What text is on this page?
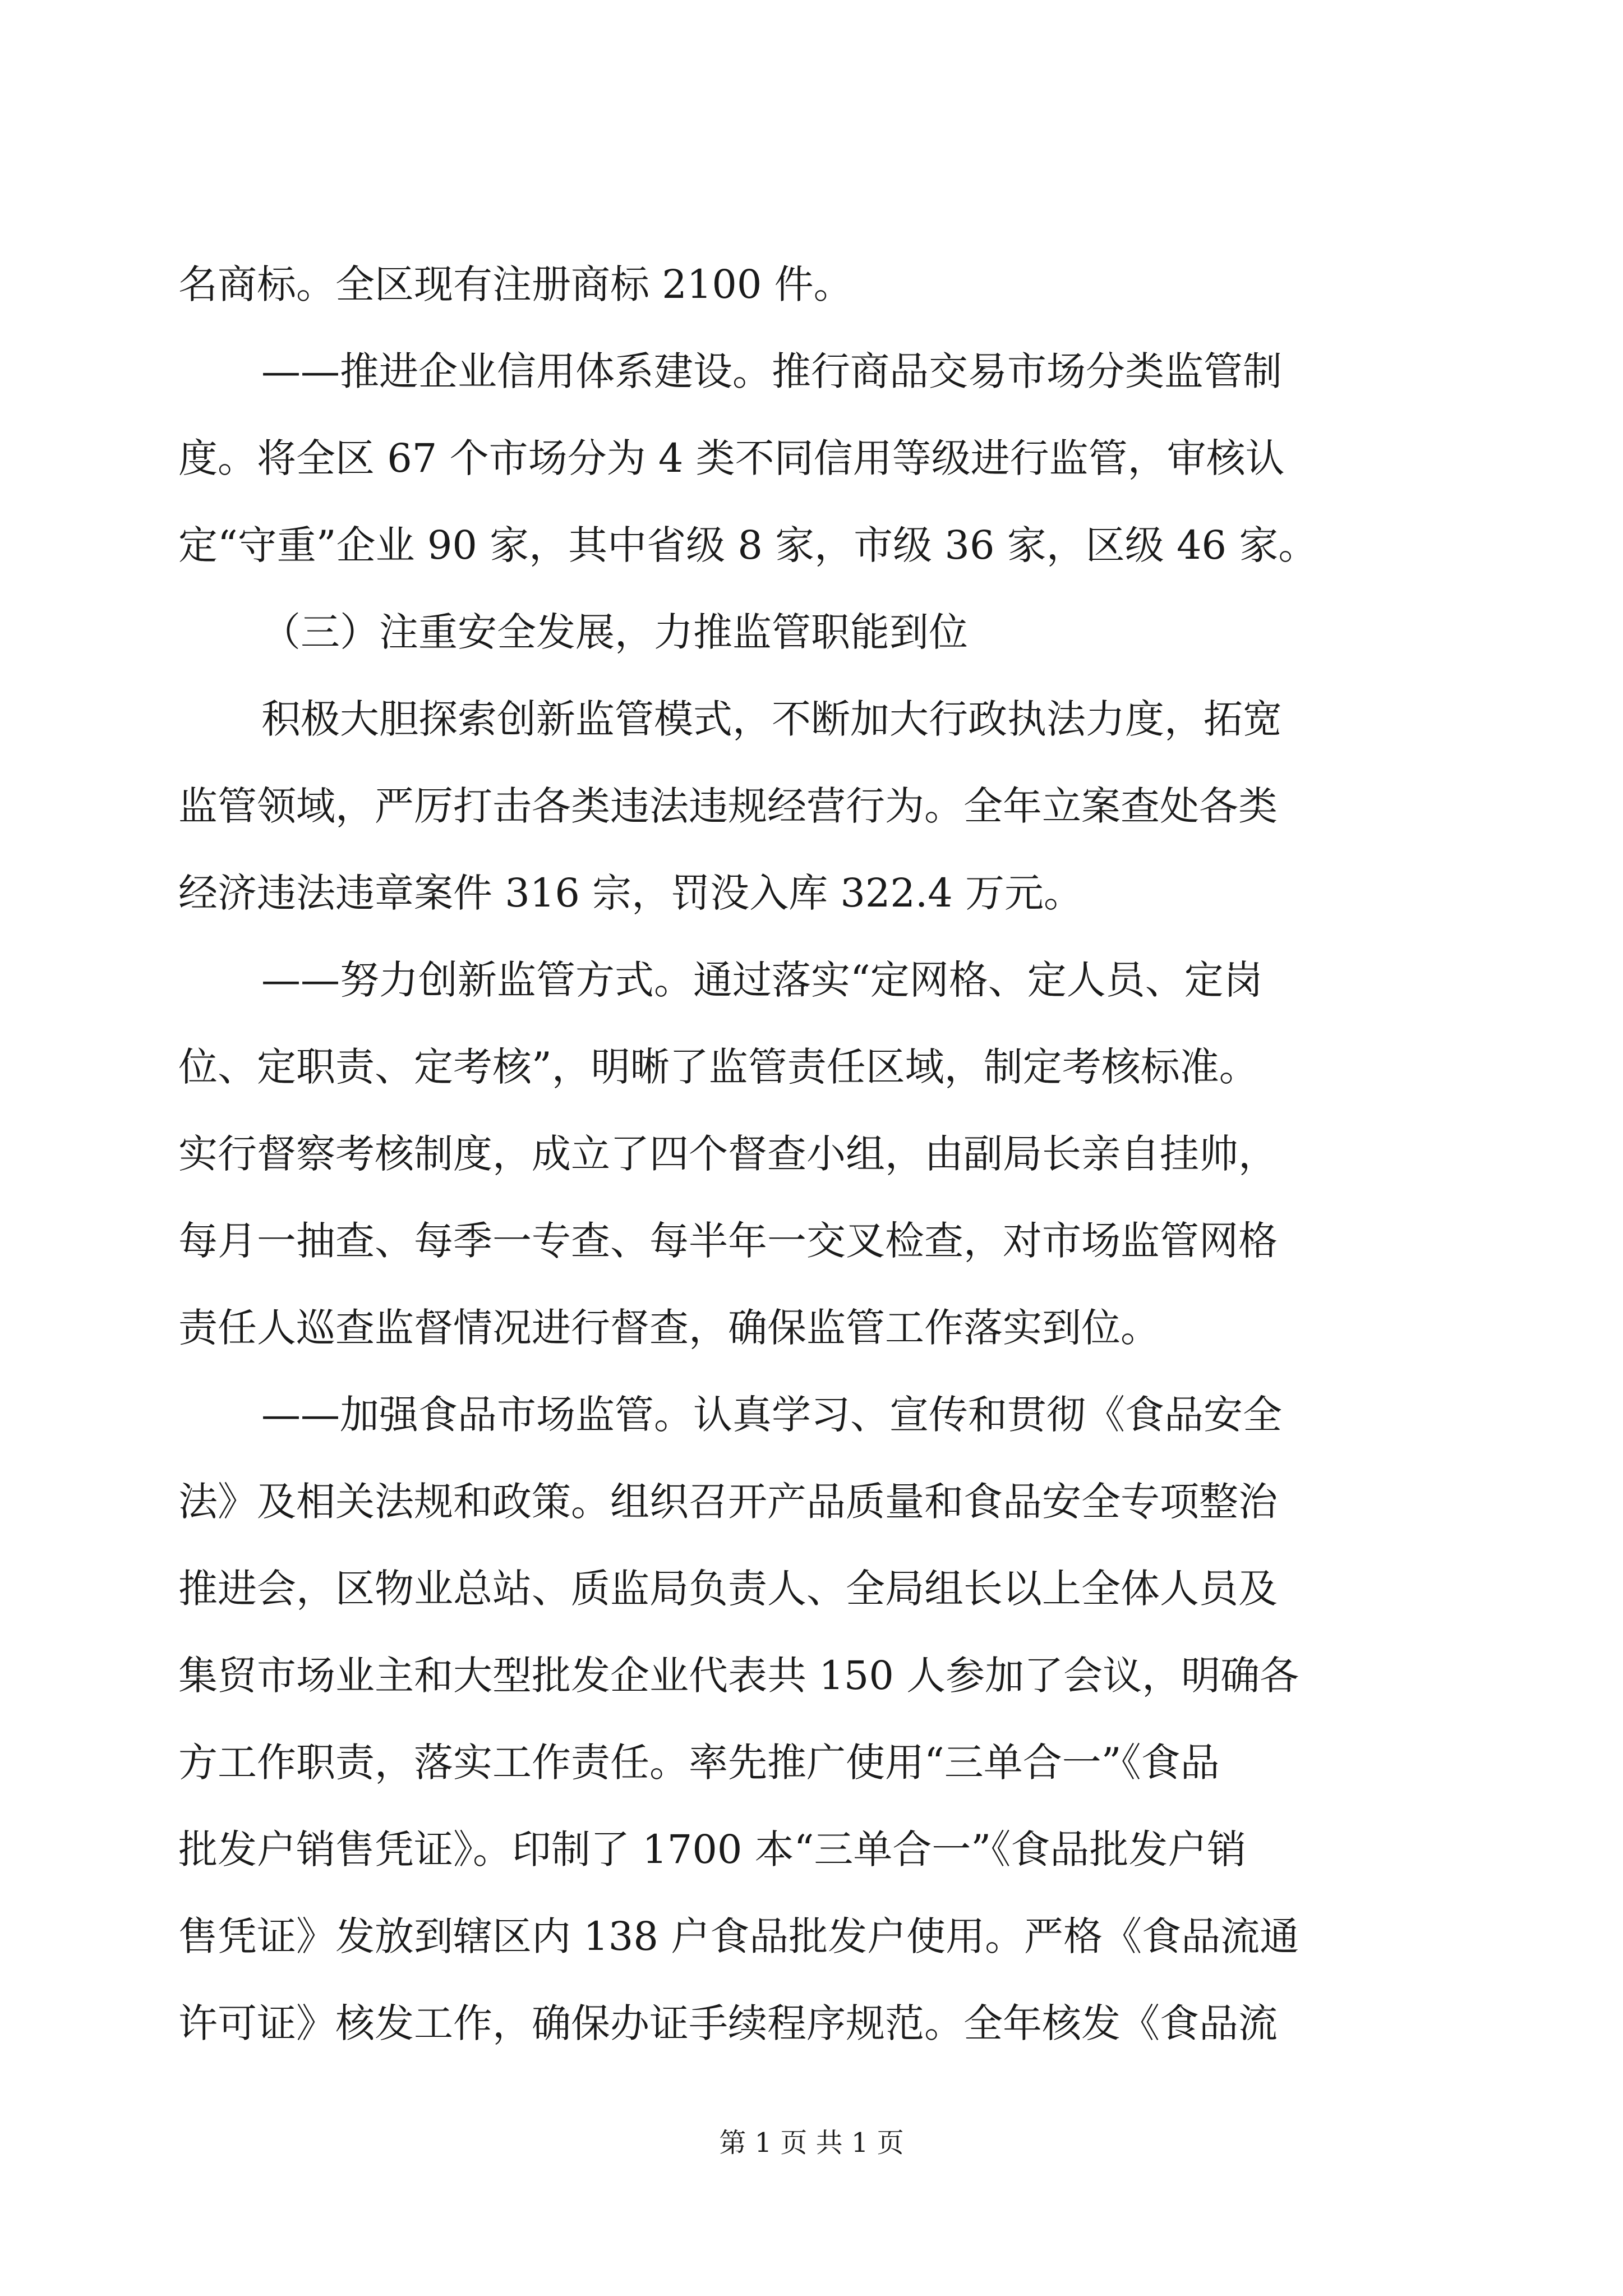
名商标。全区现有注册商标 2100 件。
——推进企业信用体系建设。推行商品交易市场分类监管制
度。将全区 67 个市场分为 4 类不同信用等级进行监管，审核认
定“守重”企业 90 家，其中省级 8 家，市级 36 家，区级 46 家。
（三）注重安全发展，力推监管职能到位
积极大胆探索创新监管模式，不断加大行政执法力度，拓宽
监管领域，严厉打击各类违法违规经营行为。全年立案查处各类
经济违法违章案件 316 宗，罚没入库 322.4 万元。
——努力创新监管方式。通过落实“定网格、定人员、定岗
位、定职责、定考核”，明晰了监管责任区域，制定考核标准。
实行督察考核制度，成立了四个督查小组，由副局长亲自挂帅，
每月一抽查、每季一专查、每半年一交叉检查，对市场监管网格
责任人巡查监督情况进行督查，确保监管工作落实到位。
——加强食品市场监管。认真学习、宣传和贯彻《食品安全
法》及相关法规和政策。组织召开产品质量和食品安全专项整治
推进会，区物业总站、质监局负责人、全局组长以上全体人员及
集贸市场业主和大型批发企业代表共 150 人参加了会议，明确各
方工作职责，落实工作责任。率先推广使用“三单合一”《食品
批发户销售凭证》。印制了 1700 本“三单合一”《食品批发户销
售凭证》发放到辖区内 138 户食品批发户使用。严格《食品流通
许可证》核发工作，确保办证手续程序规范。全年核发《食品流
第 1 页 共 1 页
